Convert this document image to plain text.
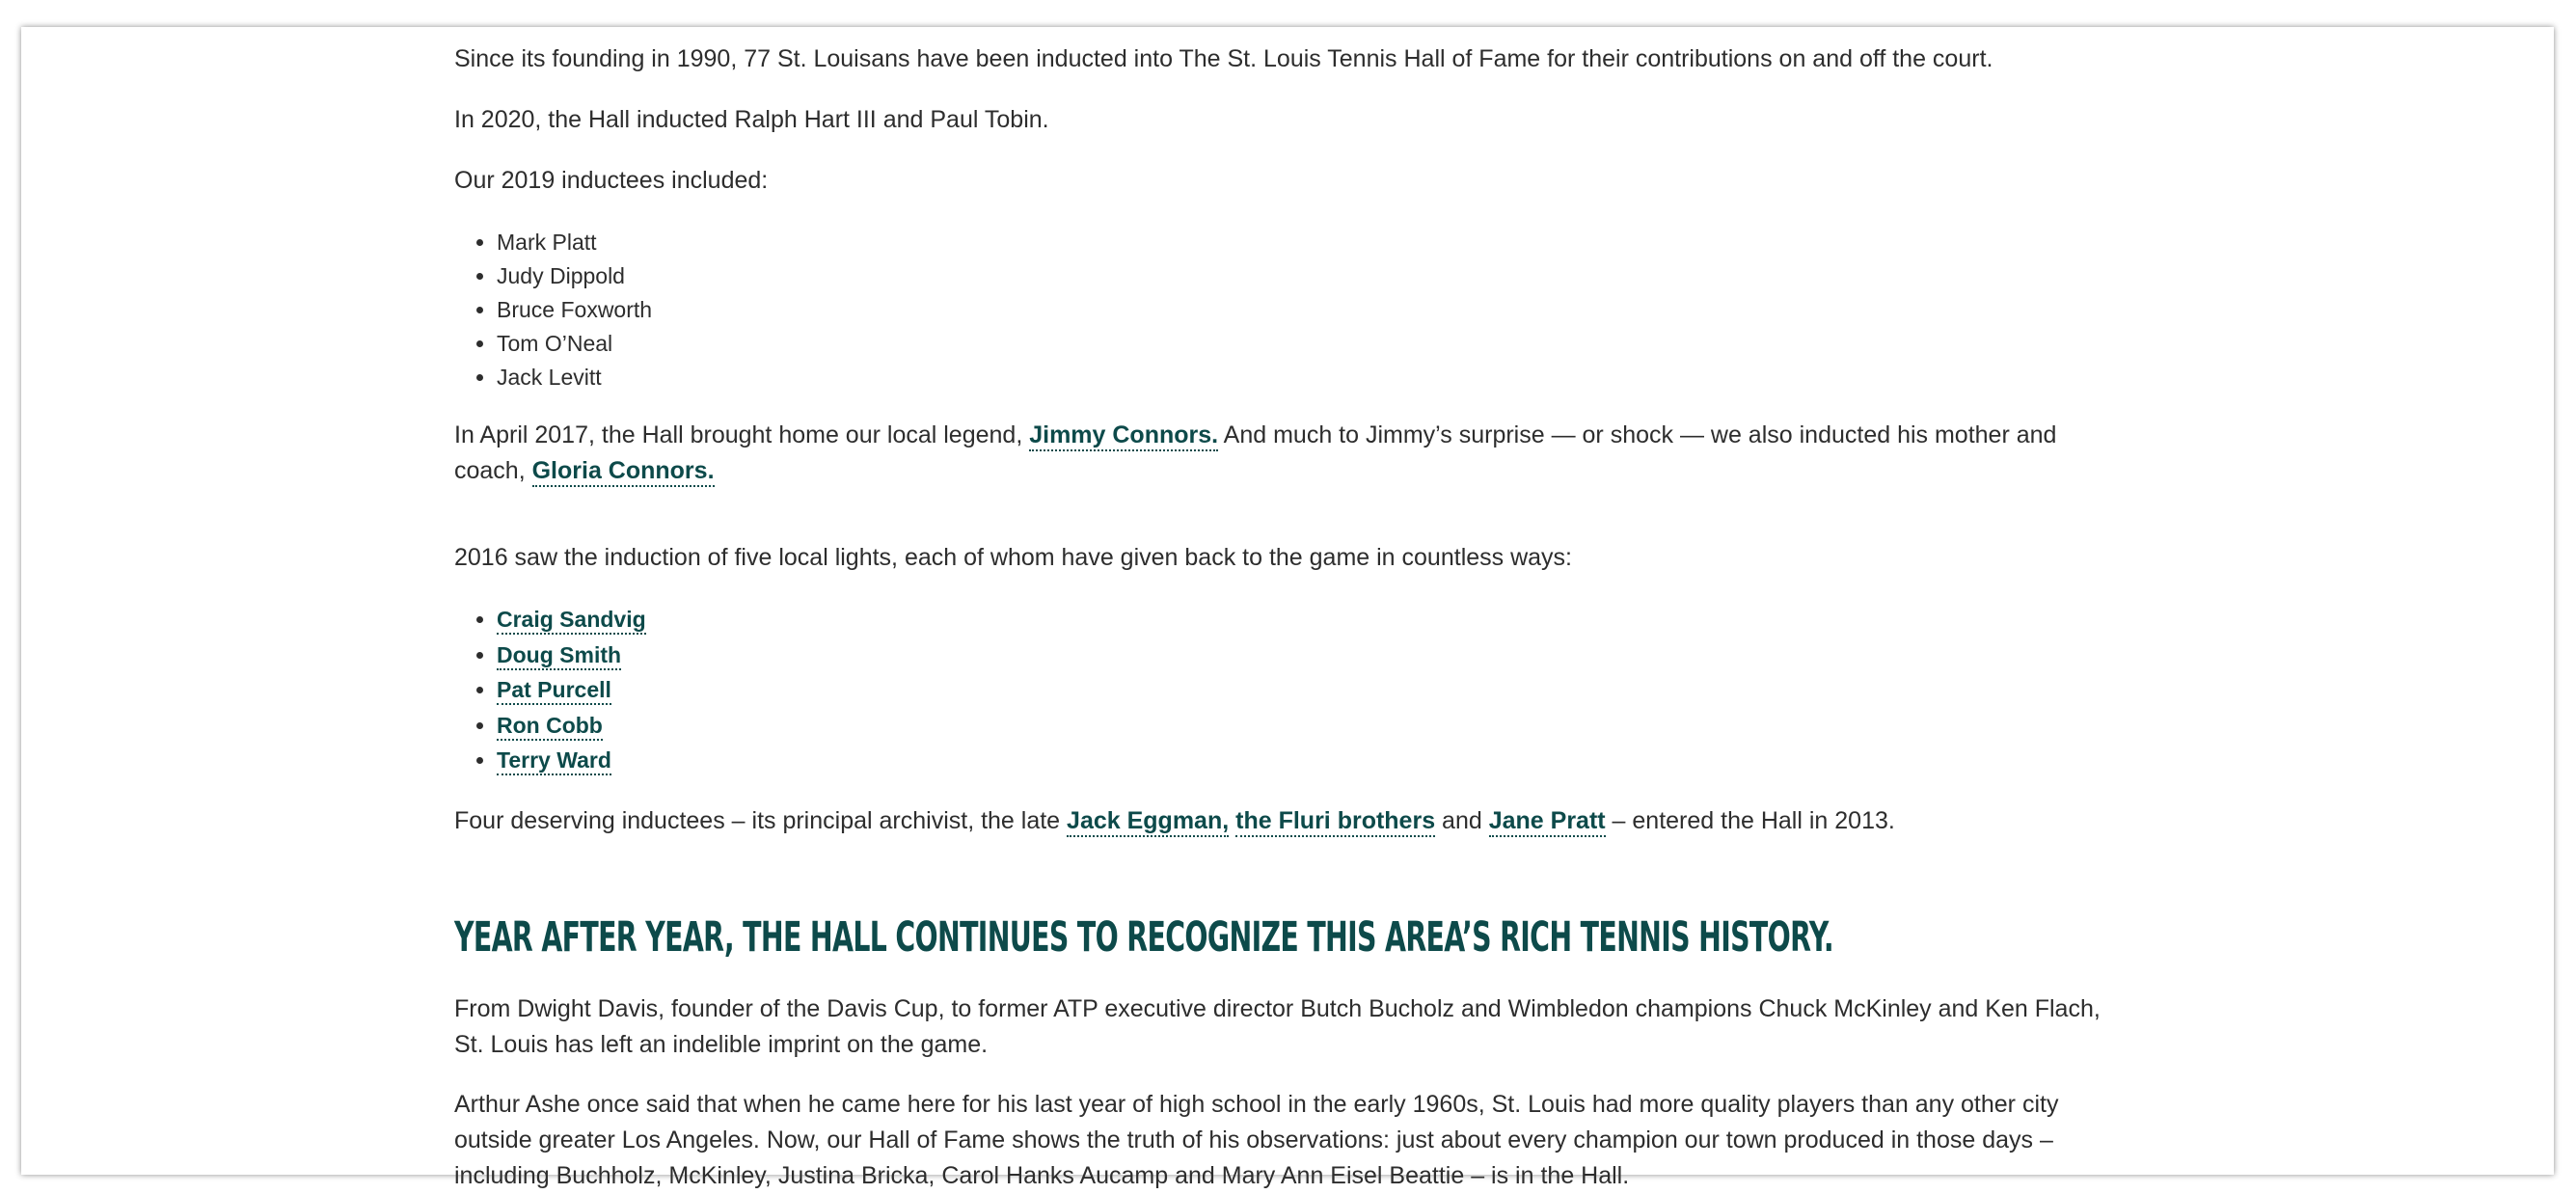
Since its founding in 1990, 77 St. Louisans have been inducted into The St. Louis Tennis Hall of Fame for their contributions on and off the court.

In 2020, the Hall inducted Ralph Hart III and Paul Tobin.

Our 2019 inductees included:

• Mark Platt
• Judy Dippold
• Bruce Foxworth
• Tom O’Neal
• Jack Levitt

In April 2017, the Hall brought home our local legend, Jimmy Connors. And much to Jimmy’s surprise — or shock — we also inducted his mother and coach, Gloria Connors.

2016 saw the induction of five local lights, each of whom have given back to the game in countless ways:

• Craig Sandvig
• Doug Smith
• Pat Purcell
• Ron Cobb
• Terry Ward

Four deserving inductees – its principal archivist, the late Jack Eggman, the Fluri brothers and Jane Pratt – entered the Hall in 2013.

YEAR AFTER YEAR, THE HALL CONTINUES TO RECOGNIZE THIS AREA’S RICH TENNIS HISTORY.

From Dwight Davis, founder of the Davis Cup, to former ATP executive director Butch Bucholz and Wimbledon champions Chuck McKinley and Ken Flach, St. Louis has left an indelible imprint on the game.

Arthur Ashe once said that when he came here for his last year of high school in the early 1960s, St. Louis had more quality players than any other city outside greater Los Angeles. Now, our Hall of Fame shows the truth of his observations: just about every champion our town produced in those days – including Buchholz, McKinley, Justina Bricka, Carol Hanks Aucamp and Mary Ann Eisel Beattie – is in the Hall.
